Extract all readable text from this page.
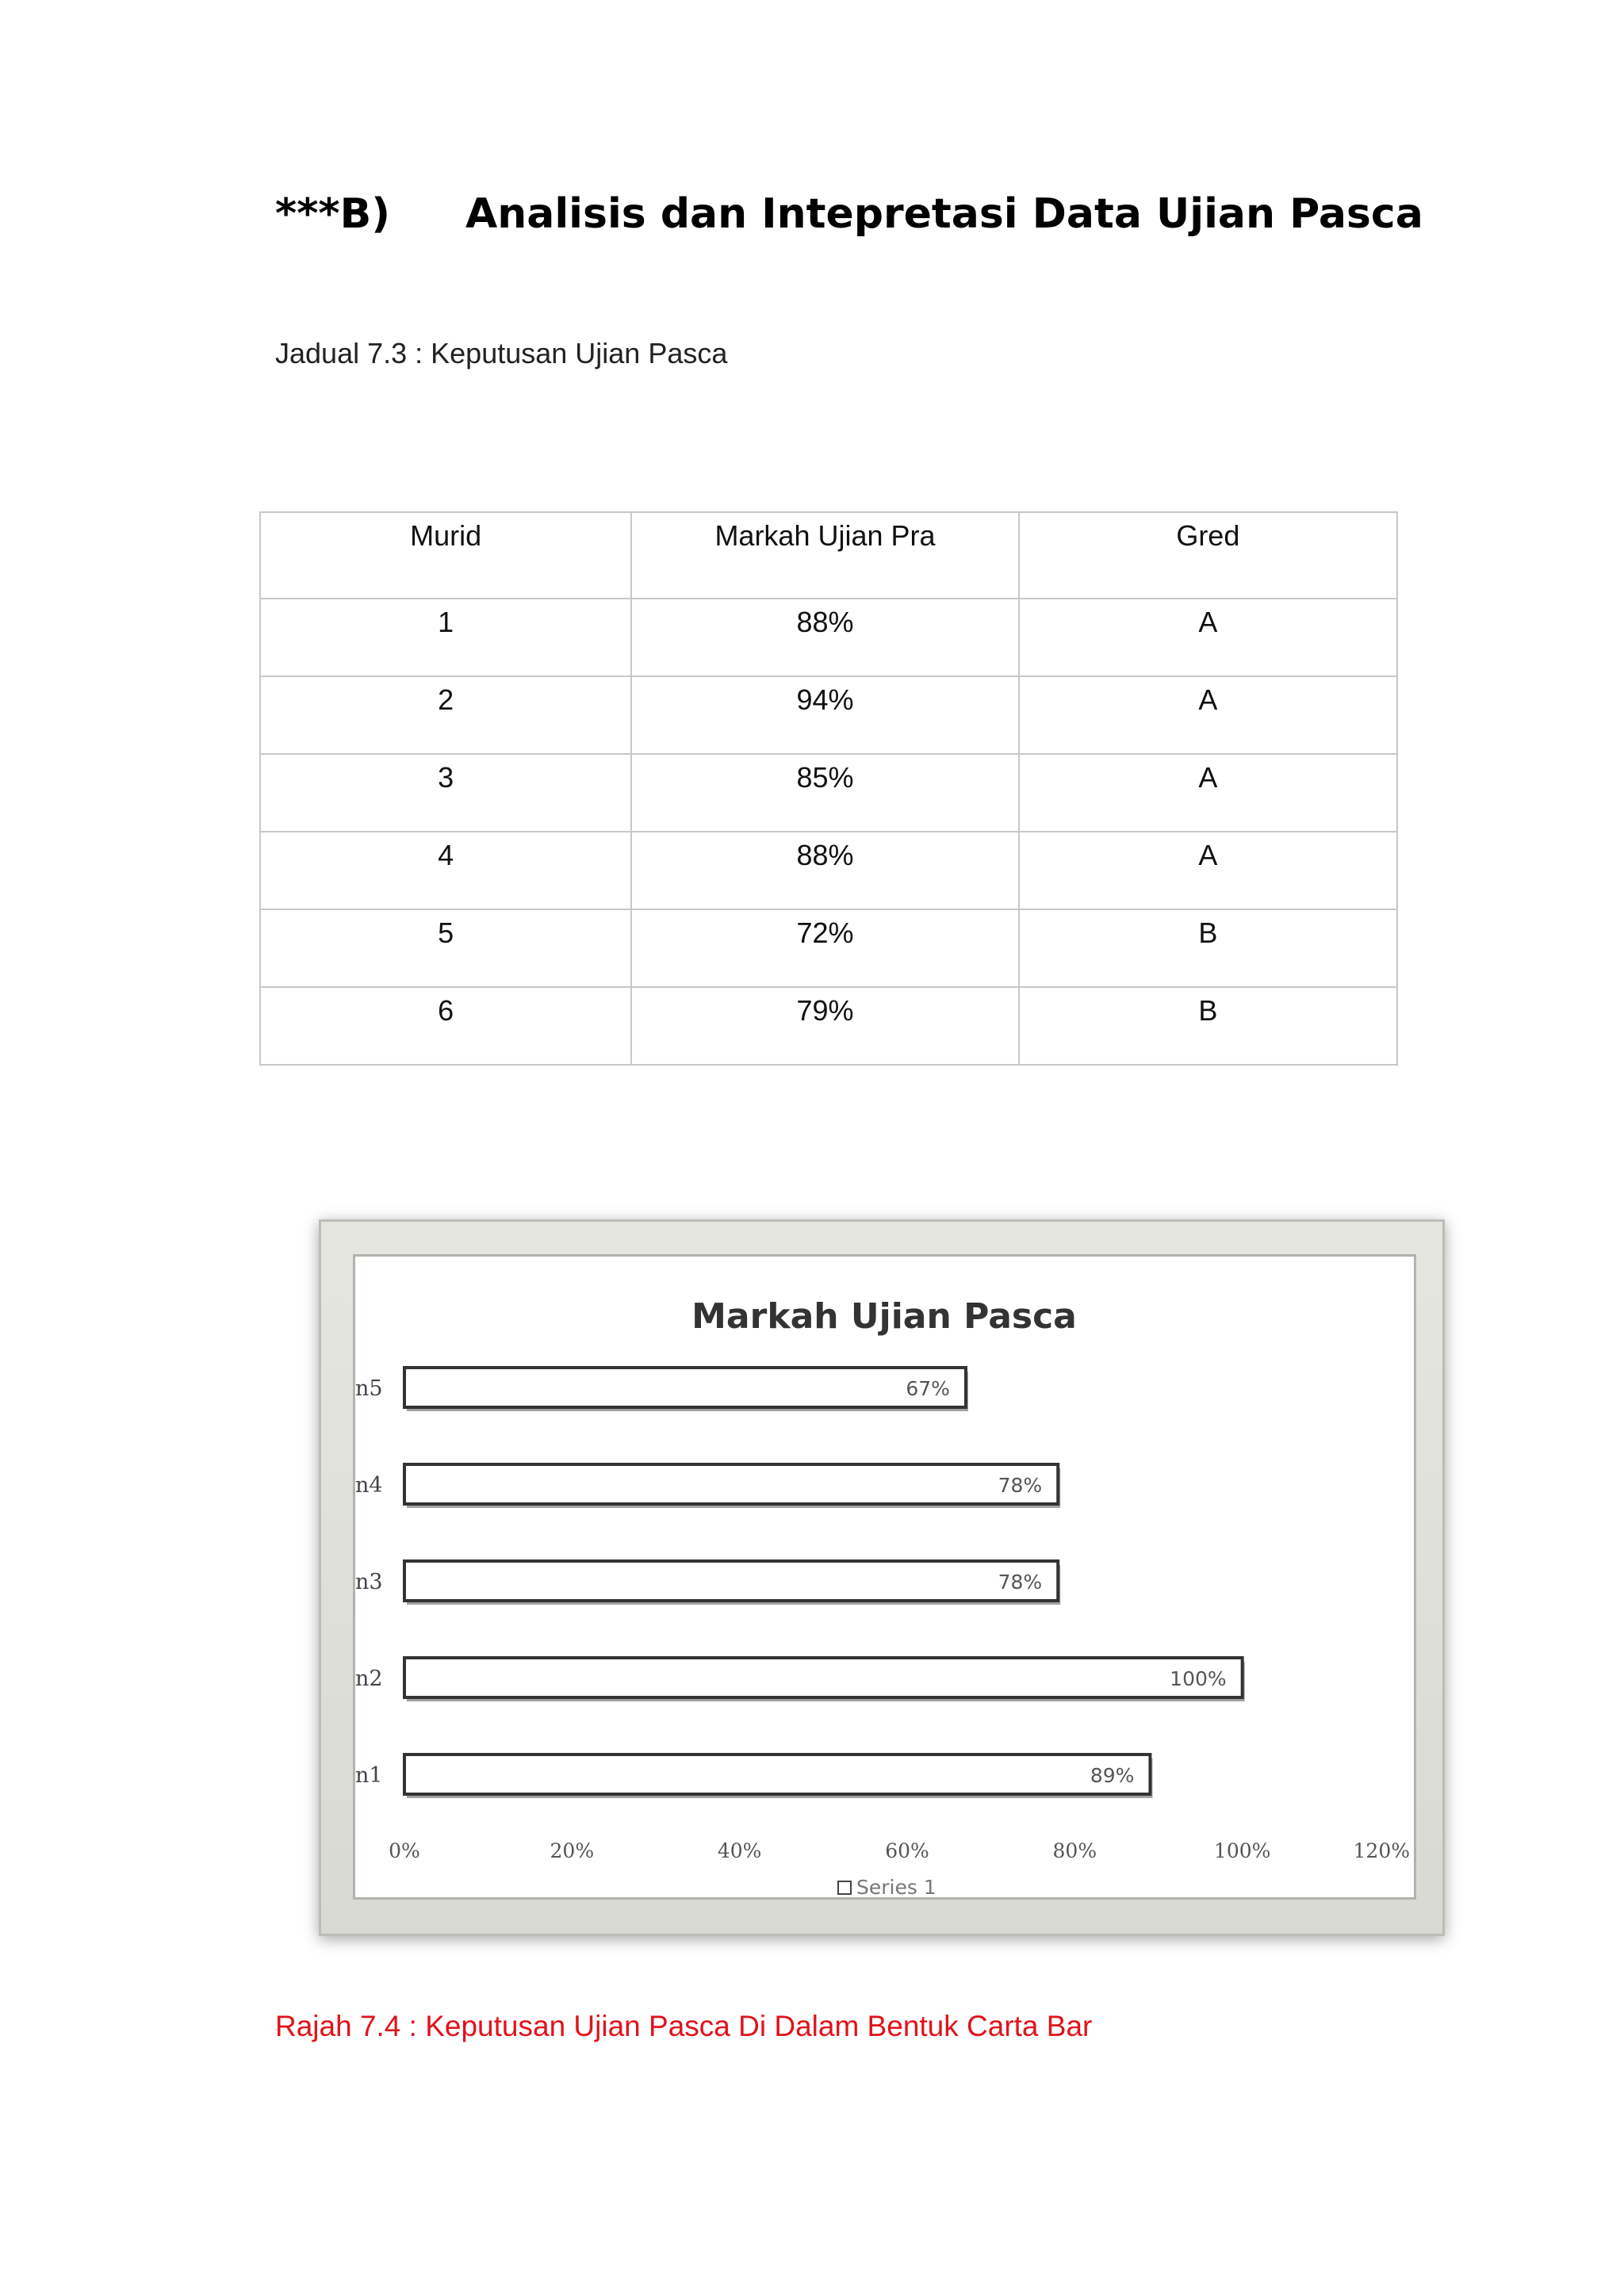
***B) Analisis dan Intepretasi Data Ujian Pasca
Jadual 7.3 : Keputusan Ujian Pasca
Murid	Markah Ujian Pra	Gred
1	88%	A
2	94%	A
3	85%	A
4	88%	A
5	72%	B
6	79%	B
Markah Ujian Pasca
67%
n5
78%
n4
78%
n3
100%
n2
89%
n1
0%	20%	40%	60%	80%	100%	120%
Series 1
Rajah 7.4 : Keputusan Ujian Pasca Di Dalam Bentuk Carta Bar
